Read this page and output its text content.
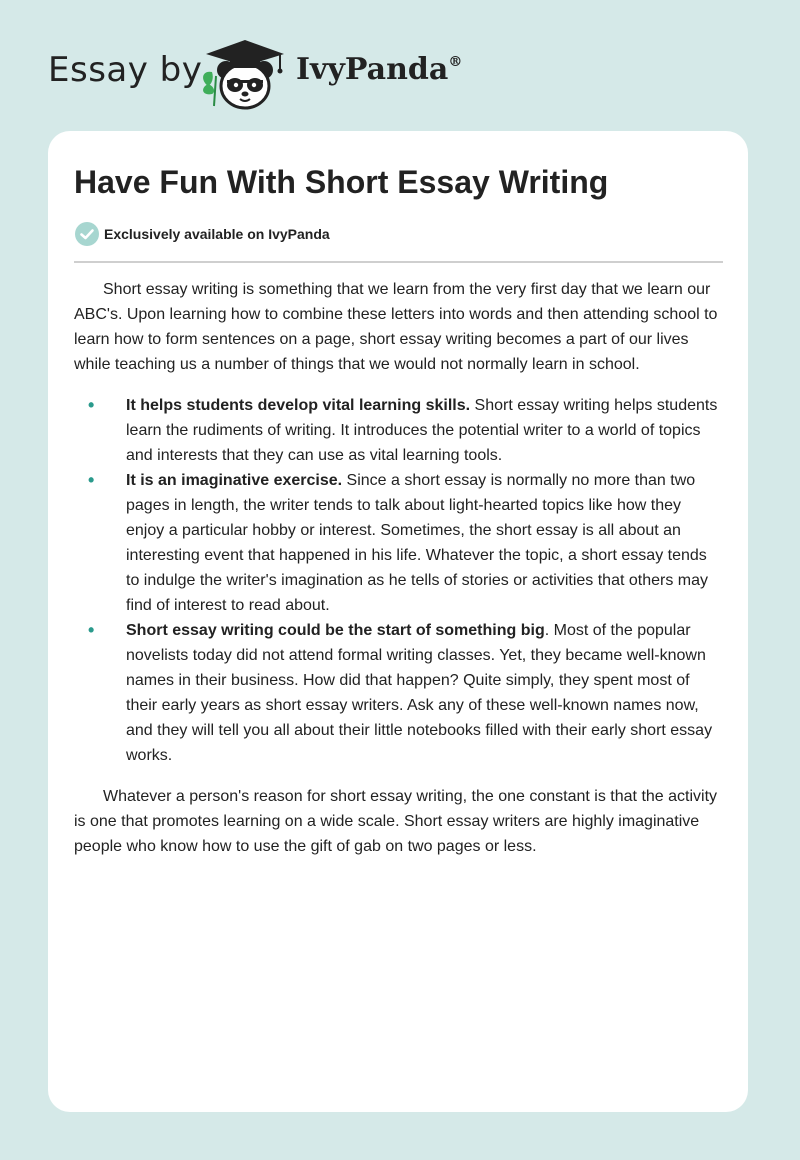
Essay by	IvyPanda®
Have Fun With Short Essay Writing
Exclusively available on IvyPanda

Short essay writing is something that we learn from the very first day that we learn our ABC's. Upon learning how to combine these letters into words and then attending school to learn how to form sentences on a page, short essay writing becomes a part of our lives while teaching us a number of things that we would not normally learn in school.

• It helps students develop vital learning skills. Short essay writing helps students learn the rudiments of writing. It introduces the potential writer to a world of topics and interests that they can use as vital learning tools.
• It is an imaginative exercise. Since a short essay is normally no more than two pages in length, the writer tends to talk about light-hearted topics like how they enjoy a particular hobby or interest. Sometimes, the short essay is all about an interesting event that happened in his life. Whatever the topic, a short essay tends to indulge the writer's imagination as he tells of stories or activities that others may find of interest to read about.
• Short essay writing could be the start of something big. Most of the popular novelists today did not attend formal writing classes. Yet, they became well-known names in their business. How did that happen? Quite simply, they spent most of their early years as short essay writers. Ask any of these well-known names now, and they will tell you all about their little notebooks filled with their early short essay works.

Whatever a person's reason for short essay writing, the one constant is that the activity is one that promotes learning on a wide scale. Short essay writers are highly imaginative people who know how to use the gift of gab on two pages or less.
